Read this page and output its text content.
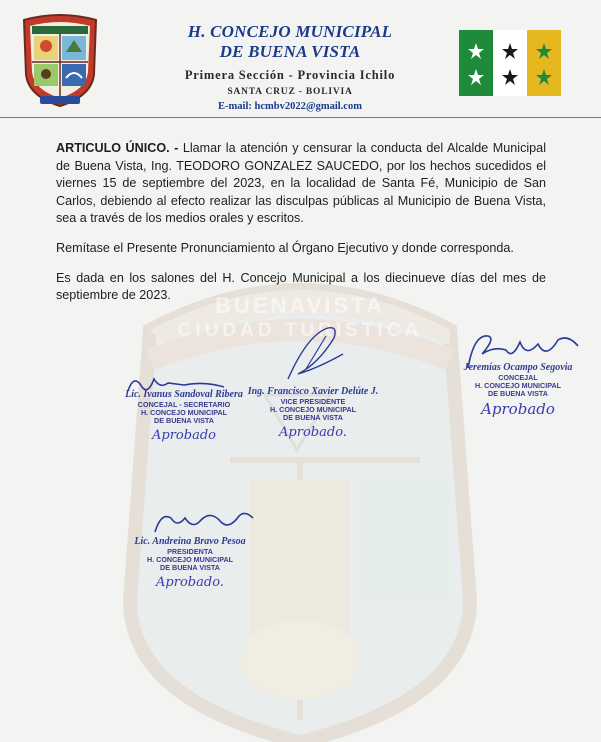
BUENAVISTA
CIUDAD TURISTICA
H. CONCEJO MUNICIPAL
DE BUENA VISTA
Primera Sección - Provincia Ichilo
SANTA CRUZ - BOLIVIA
E-mail: hcmbv2022@gmail.com

ARTICULO ÚNICO. - Llamar la atención y censurar la conducta del Alcalde Municipal de Buena Vista, Ing. TEODORO GONZALEZ SAUCEDO, por los hechos sucedidos el viernes 15 de septiembre del 2023, en la localidad de Santa Fé, Municipio de San Carlos, debiendo al efecto realizar las disculpas públicas al Municipio de Buena Vista, sea a través de los medios orales y escritos.

Remítase el Presente Pronunciamiento al Órgano Ejecutivo y donde corresponda.

Es dada en los salones del H. Concejo Municipal a los diecinueve días del mes de septiembre de 2023.

Lic. Ivanus Sandoval Ribera
CONCEJAL - SECRETARIO
H. CONCEJO MUNICIPAL
DE BUENA VISTA
Aprobado
Ing. Francisco Xavier Delúte J.
VICE PRESIDENTE
H. CONCEJO MUNICIPAL
DE BUENA VISTA
Aprobado.
Jeremías Ocampo Segovia
CONCEJAL
H. CONCEJO MUNICIPAL
DE BUENA VISTA
Aprobado
Lic. Andreina Bravo Pesoa
PRESIDENTA
H. CONCEJO MUNICIPAL
DE BUENA VISTA
Aprobado.
